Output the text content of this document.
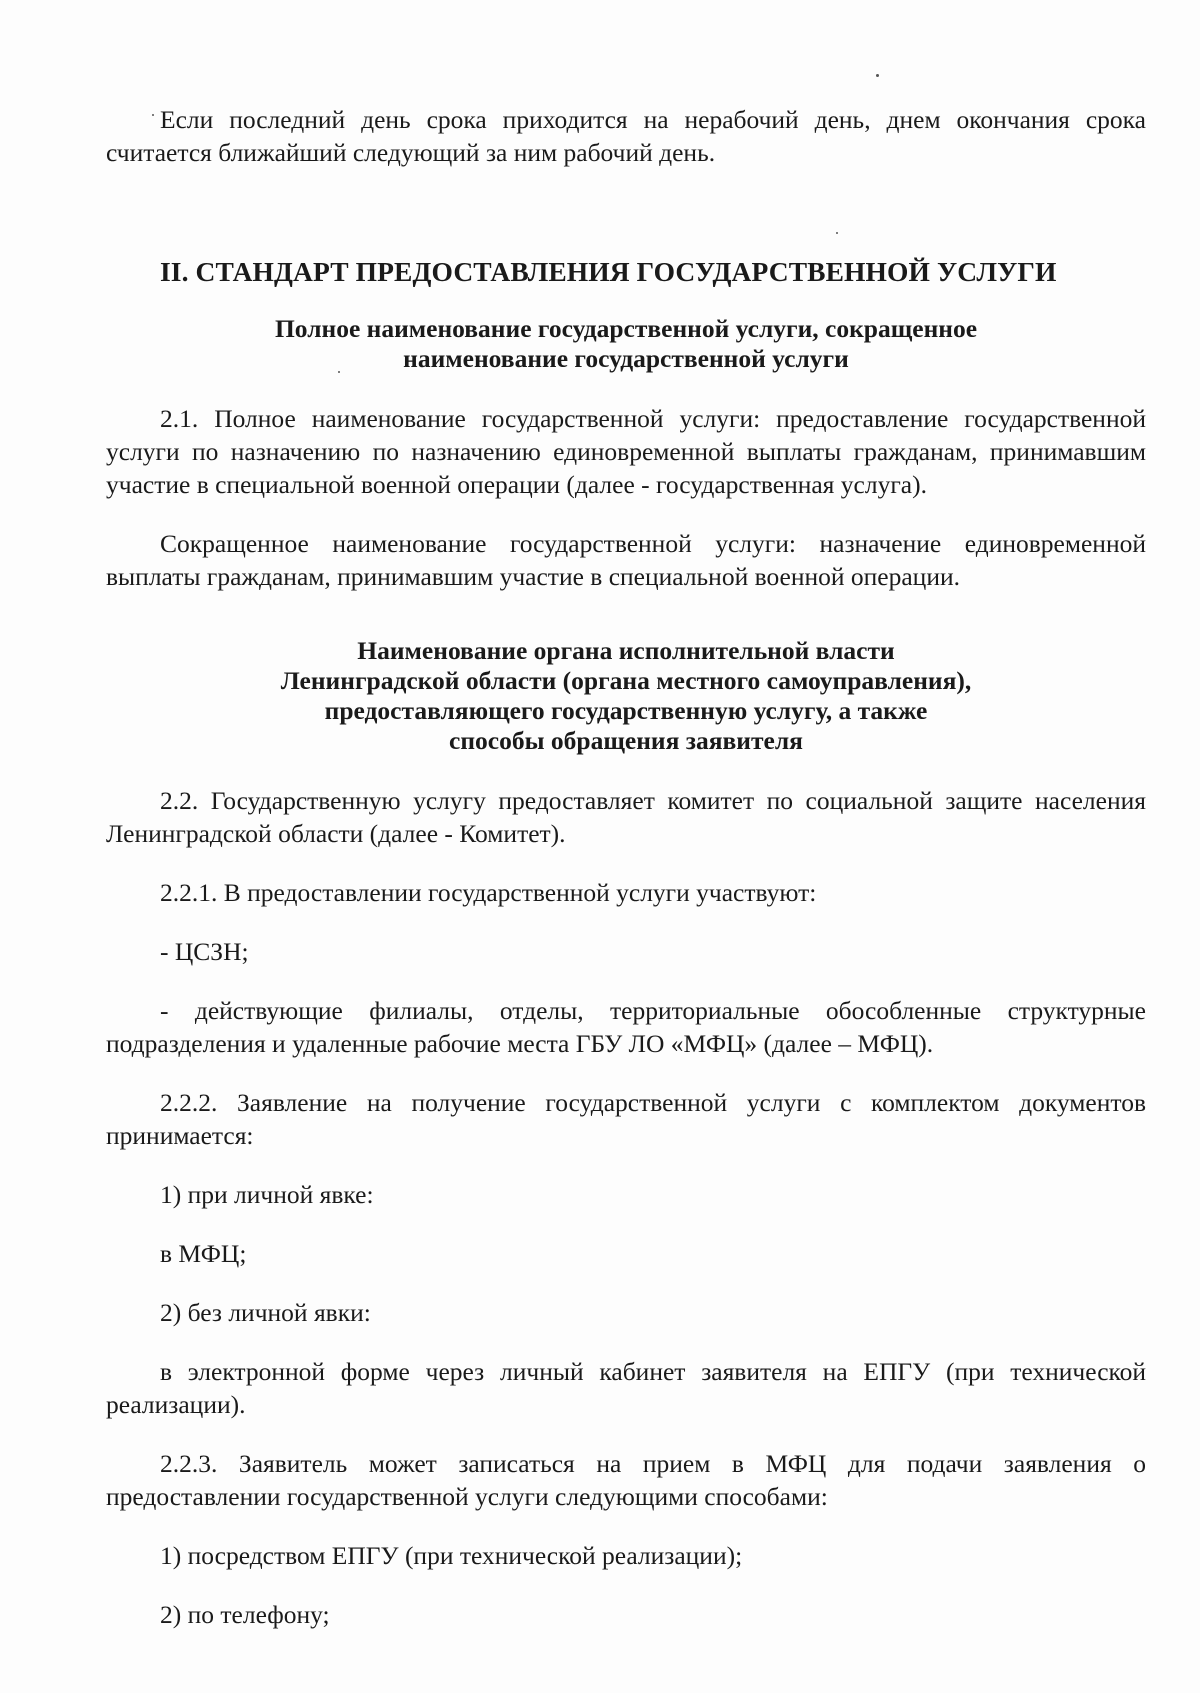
Если последний день срока приходится на нерабочий день, днем окончания срока считается ближайший следующий за ним рабочий день.

II. СТАНДАРТ ПРЕДОСТАВЛЕНИЯ ГОСУДАРСТВЕННОЙ УСЛУГИ
Полное наименование государственной услуги, сокращенное
наименование государственной услуги

2.1. Полное наименование государственной услуги: предоставление государственной услуги по назначению по назначению единовременной выплаты гражданам, принимавшим участие в специальной военной операции (далее - государственная услуга).

Сокращенное наименование государственной услуги: назначение единовременной выплаты гражданам, принимавшим участие в специальной военной операции.

Наименование органа исполнительной власти
Ленинградской области (органа местного самоуправления),
предоставляющего государственную услугу, а также
способы обращения заявителя

2.2. Государственную услугу предоставляет комитет по социальной защите населения Ленинградской области (далее - Комитет).

2.2.1. В предоставлении государственной услуги участвуют:

- ЦСЗН;

- действующие филиалы, отделы, территориальные обособленные структурные подразделения и удаленные рабочие места ГБУ ЛО «МФЦ» (далее – МФЦ).

2.2.2. Заявление на получение государственной услуги с комплектом документов принимается:

1) при личной явке:

в МФЦ;

2) без личной явки:

в электронной форме через личный кабинет заявителя на ЕПГУ (при технической реализации).

2.2.3. Заявитель может записаться на прием в МФЦ для подачи заявления о предоставлении государственной услуги следующими способами:

1) посредством ЕПГУ (при технической реализации);

2) по телефону;
